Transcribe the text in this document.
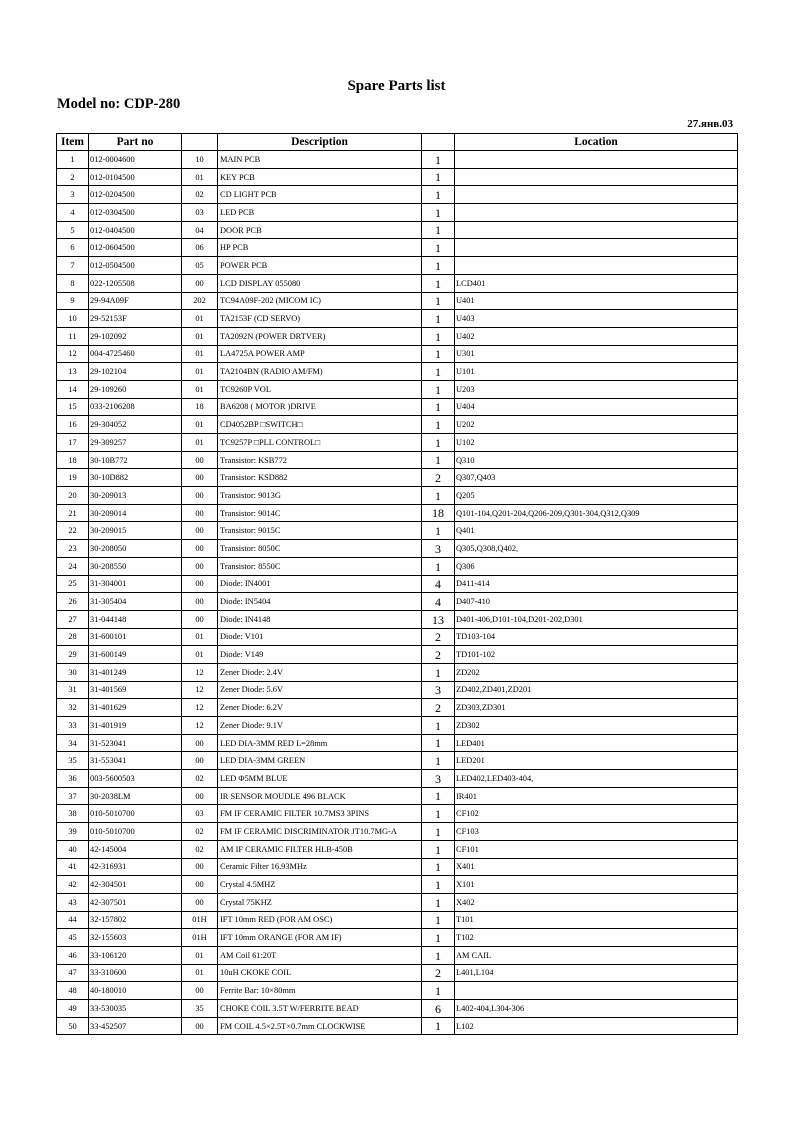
Spare Parts list
Model no: CDP-280
27.янв.03
Item	Part no		Description		Location
1	012-0004600	10	MAIN PCB	1	
2	012-0104500	01	KEY PCB	1	
3	012-0204500	02	CD LIGHT PCB	1	
4	012-0304500	03	LED PCB	1	
5	012-0404500	04	DOOR PCB	1	
6	012-0604500	06	HP PCB	1	
7	012-0504500	05	POWER PCB	1	
8	022-1205508	00	LCD DISPLAY 055080	1	LCD401
9	29-94A09F	202	TC94A09F-202 (MICOM IC)	1	U401
10	29-52153F	01	TA2153F (CD SERVO)	1	U403
11	29-102092	01	TA2092N (POWER DRTVER)	1	U402
12	004-4725460	01	LA4725A POWER AMP	1	U301
13	29-102104	01	TA2104BN (RADIO AM/FM)	1	U101
14	29-109260	01	TC9260P VOL	1	U203
15	033-2106208	18	BA6208 ( MOTOR )DRIVE	1	U404
16	29-304052	01	CD4052BP □SWITCH□	1	U202
17	29-309257	01	TC9257P □PLL CONTROL□	1	U102
18	30-10B772	00	Transistor: KSB772	1	Q310
19	30-10D882	00	Transistor: KSD882	2	Q307,Q403
20	30-209013	00	Transistor: 9013G	1	Q205
21	30-209014	00	Transistor: 9014C	18	Q101-104,Q201-204,Q206-209,Q301-304,Q312,Q309
22	30-209015	00	Transistor: 9015C	1	Q401
23	30-208050	00	Transistor: 8050C	3	Q305,Q308,Q402,
24	30-208550	00	Transistor: 8550C	1	Q306
25	31-304001	00	Diode: IN4001	4	D411-414
26	31-305404	00	Diode: IN5404	4	D407-410
27	31-044148	00	Diode: IN4148	13	D401-406,D101-104,D201-202,D301
28	31-600101	01	Diode: V101	2	TD103-104
29	31-600149	01	Diode: V149	2	TD101-102
30	31-401249	12	Zener Diode: 2.4V	1	ZD202
31	31-401569	12	Zener Diode: 5.6V	3	ZD402,ZD401,ZD201
32	31-401629	12	Zener Diode: 6.2V	2	ZD303,ZD301
33	31-401919	12	Zener Diode: 9.1V	1	ZD302
34	31-523041	00	LED DIA-3MM RED L=28mm	1	LED401
35	31-553041	00	LED DIA-3MM GREEN	1	LED201
36	003-5600503	02	LED Φ5MM BLUE	3	LED402,LED403-404,
37	30-2038LM	00	IR SENSOR MOUDLE 496 BLACK	1	IR401
38	010-5010700	03	FM IF CERAMIC FILTER 10.7MS3 3PINS	1	CF102
39	010-5010700	02	FM IF CERAMIC DISCRIMINATOR JT10.7MG-A	1	CF103
40	42-145004	02	AM IF CERAMIC FILTER HLB-450B	1	CF101
41	42-316931	00	Ceramic Filter 16.93MHz	1	X401
42	42-304501	00	Crystal 4.5MHZ	1	X101
43	42-307501	00	Crystal 75KHZ	1	X402
44	32-157802	01H	IFT 10mm RED (FOR AM OSC)	1	T101
45	32-155603	01H	IFT 10mm ORANGE (FOR AM IF)	1	T102
46	33-106120	01	AM Coil 61:20T	1	AM CAIL
47	33-310600	01	10uH CKOKE COIL	2	L401,L104
48	40-180010	00	Ferrite Bar: 10×80mm	1	
49	33-530035	35	CHOKE COIL 3.5T W/FERRITE BEAD	6	L402-404,L304-306
50	33-452507	00	FM COIL 4.5×2.5T×0.7mm CLOCKWISE	1	L102
